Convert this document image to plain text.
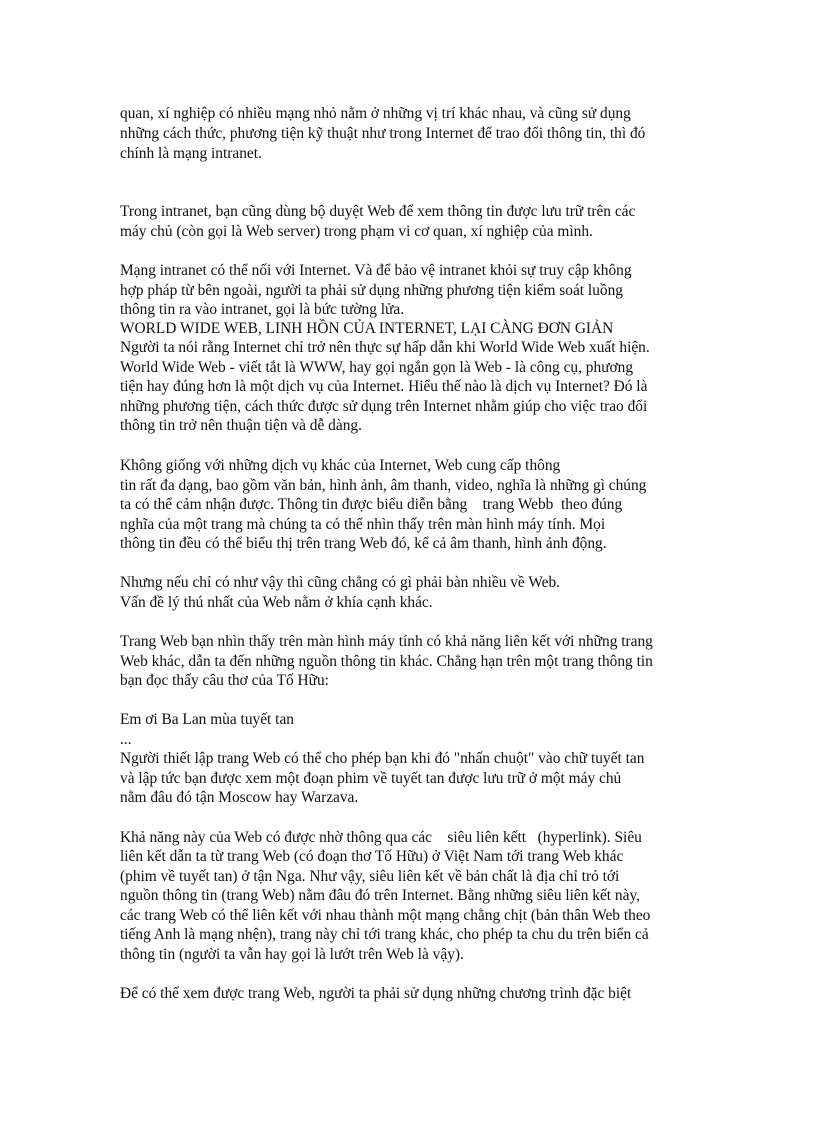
quan, xí nghiệp có nhiều mạng nhỏ nằm ở những vị trí khác nhau, và cũng sử dụng
những cách thức, phương tiện kỹ thuật như trong Internet để trao đổi thông tin, thì đó
chính là mạng intranet.
Trong intranet, bạn cũng dùng bộ duyệt Web để xem thông tin được lưu trữ trên các
máy chủ (còn gọi là Web server) trong phạm vi cơ quan, xí nghiệp của mình.
Mạng intranet có thể nối với Internet. Và để bảo vệ intranet khỏi sự truy cập không
hợp pháp từ bên ngoài, người ta phải sử dụng những phương tiện kiểm soát luồng
thông tin ra vào intranet, gọi là bức tường lửa.
WORLD WIDE WEB, LINH HỒN CỦA INTERNET, LẠI CÀNG ĐƠN GIẢN
Người ta nói rằng Internet chỉ trở nên thực sự hấp dẫn khi World Wide Web xuất hiện.
World Wide Web - viết tắt là WWW, hay gọi ngắn gọn là Web - là công cụ, phương
tiện hay đúng hơn là một dịch vụ của Internet. Hiểu thế nào là dịch vụ Internet? Đó là
những phương tiện, cách thức được sử dụng trên Internet nhằm giúp cho việc trao đổi
thông tin trở nên thuận tiện và dễ dàng.
Không giống với những dịch vụ khác của Internet, Web cung cấp thông
tin rất đa dạng, bao gồm văn bản, hình ảnh, âm thanh, video, nghĩa là những gì chúng
ta có thể cảm nhận được. Thông tin được biểu diễn bằng    trang Webb  theo đúng
nghĩa của một trang mà chúng ta có thể nhìn thấy trên màn hình máy tính. Mọi
thông tin đều có thể biểu thị trên trang Web đó, kể cả âm thanh, hình ảnh động.
Nhưng nếu chỉ có như vậy thì cũng chẳng có gì phải bàn nhiều về Web.
Vấn đề lý thú nhất của Web nằm ở khía cạnh khác.
Trang Web bạn nhìn thấy trên màn hình máy tính có khả năng liên kết với những trang
Web khác, dẫn ta đến những nguồn thông tin khác. Chẳng hạn trên một trang thông tin
bạn đọc thấy câu thơ của Tố Hữu:
Em ơi Ba Lan mùa tuyết tan
...
Người thiết lập trang Web có thể cho phép bạn khi đó "nhấn chuột" vào chữ tuyết tan
và lập tức bạn được xem một đoạn phim về tuyết tan được lưu trữ ở một máy chủ
nằm đâu đó tận Moscow hay Warzava.
Khả năng này của Web có được nhờ thông qua các    siêu liên kếtt   (hyperlink). Siêu
liên kết dẫn ta từ trang Web (có đoạn thơ Tố Hữu) ở Việt Nam tới trang Web khác
(phim về tuyết tan) ở tận Nga. Như vậy, siêu liên kết về bản chất là địa chỉ trỏ tới
nguồn thông tin (trang Web) nằm đâu đó trên Internet. Bằng những siêu liên kết này,
các trang Web có thể liên kết với nhau thành một mạng chằng chịt (bản thân Web theo
tiếng Anh là mạng nhện), trang này chỉ tới trang khác, cho phép ta chu du trên biển cả
thông tin (người ta vẫn hay gọi là lướt trên Web là vậy).
Để có thể xem được trang Web, người ta phải sử dụng những chương trình đặc biệt
